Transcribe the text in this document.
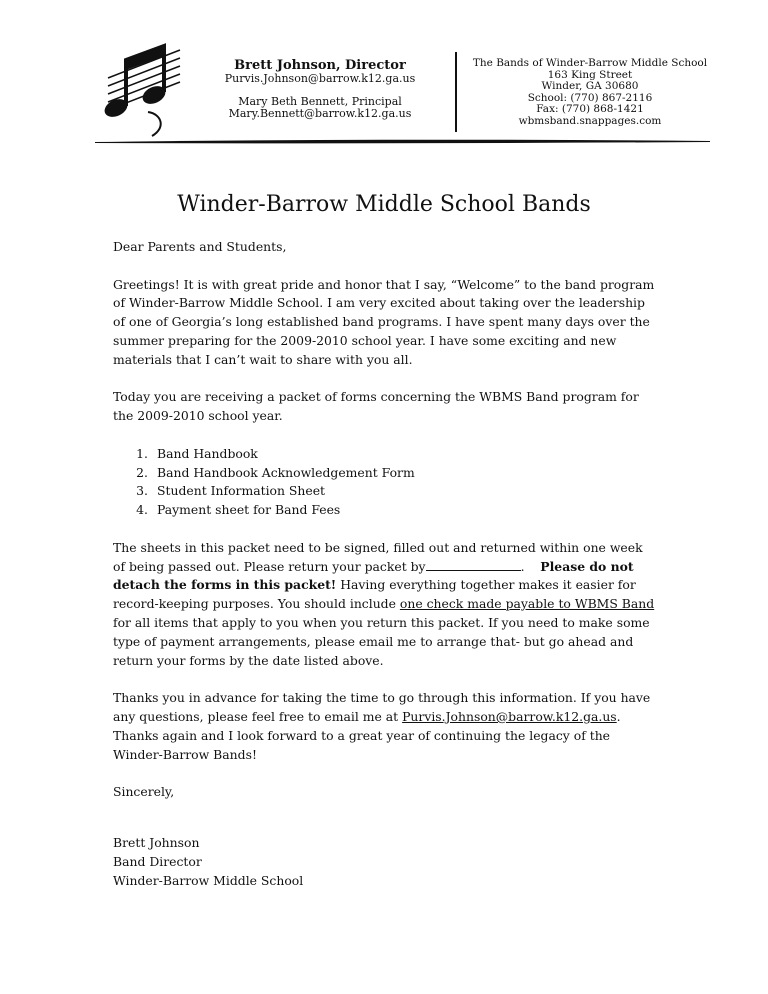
Brett Johnson, Director
Purvis.Johnson@barrow.k12.ga.us
Mary Beth Bennett, Principal
Mary.Bennett@barrow.k12.ga.us
The Bands of Winder-Barrow Middle School
163 King Street
Winder, GA 30680
School: (770) 867-2116
Fax: (770) 868-1421
wbmsband.snappages.com
Winder-Barrow Middle School Bands

Dear Parents and Students,

Greetings! It is with great pride and honor that I say, “Welcome” to the band program of Winder-Barrow Middle School. I am very excited about taking over the leadership of one of Georgia’s long established band programs. I have spent many days over the summer preparing for the 2009-2010 school year. I have some exciting and new materials that I can’t wait to share with you all.

Today you are receiving a packet of forms concerning the WBMS Band program for the 2009-2010 school year.

1. Band Handbook
2. Band Handbook Acknowledgement Form
3. Student Information Sheet
4. Payment sheet for Band Fees

The sheets in this packet need to be signed, filled out and returned within one week of being passed out. Please return your packet by	. Please do not detach the forms in this packet! Having everything together makes it easier for record-keeping purposes. You should include one check made payable to WBMS Band for all items that apply to you when you return this packet. If you need to make some type of payment arrangements, please email me to arrange that- but go ahead and return your forms by the date listed above.

Thanks you in advance for taking the time to go through this information. If you have any questions, please feel free to email me at Purvis.Johnson@barrow.k12.ga.us. Thanks again and I look forward to a great year of continuing the legacy of the Winder-Barrow Bands!

Sincerely,

Brett Johnson

Band Director

Winder-Barrow Middle School
